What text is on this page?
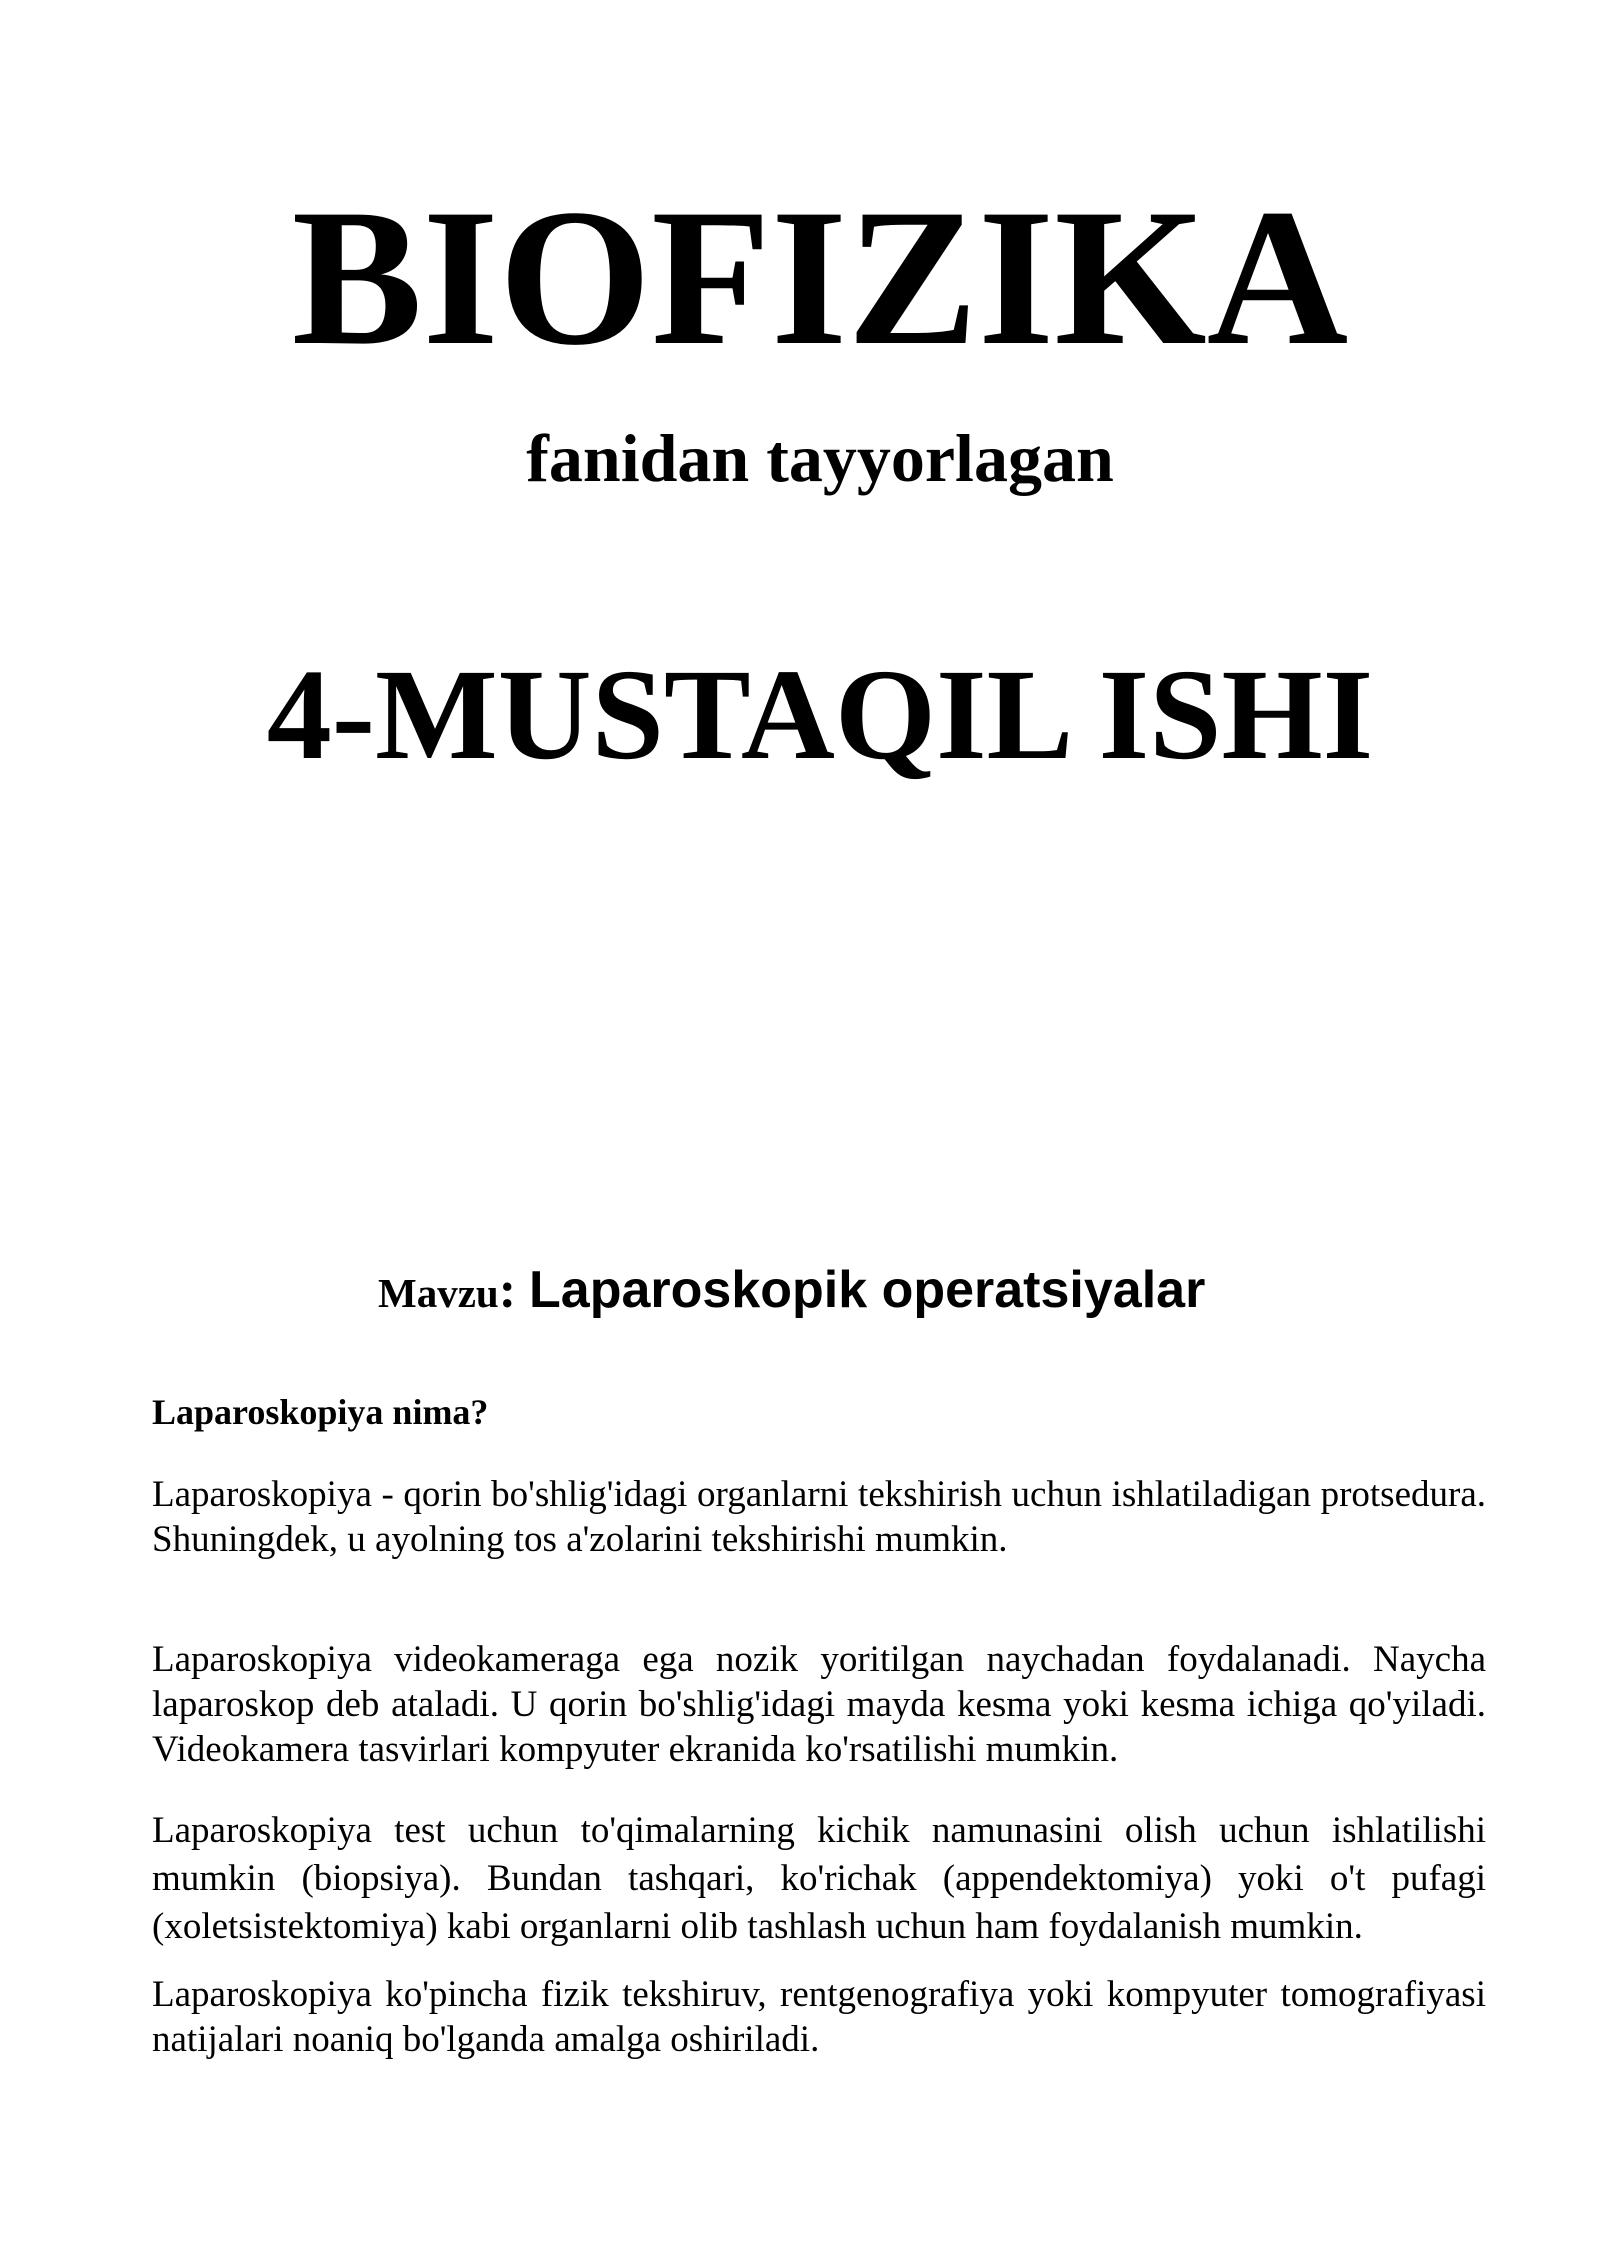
BIOFIZIKA
fanidan tayyorlagan
4-MUSTAQIL ISHI
Mavzu: Laparoskopik operatsiyalar
Laparoskopiya nima?

Laparoskopiya - qorin bo'shlig'idagi organlarni tekshirish uchun ishlatiladigan protsedura. Shuningdek, u ayolning tos a'zolarini tekshirishi mumkin.

Laparoskopiya videokameraga ega nozik yoritilgan naychadan foydalanadi. Naycha laparoskop deb ataladi. U qorin bo'shlig'idagi mayda kesma yoki kesma ichiga qo'yiladi. Videokamera tasvirlari kompyuter ekranida ko'rsatilishi mumkin.

Laparoskopiya test uchun to'qimalarning kichik namunasini olish uchun ishlatilishi mumkin (biopsiya). Bundan tashqari, ko'richak (appendektomiya) yoki o't pufagi (xoletsistektomiya) kabi organlarni olib tashlash uchun ham foydalanish mumkin.

Laparoskopiya ko'pincha fizik tekshiruv, rentgenografiya yoki kompyuter tomografiyasi natijalari noaniq bo'lganda amalga oshiriladi.
